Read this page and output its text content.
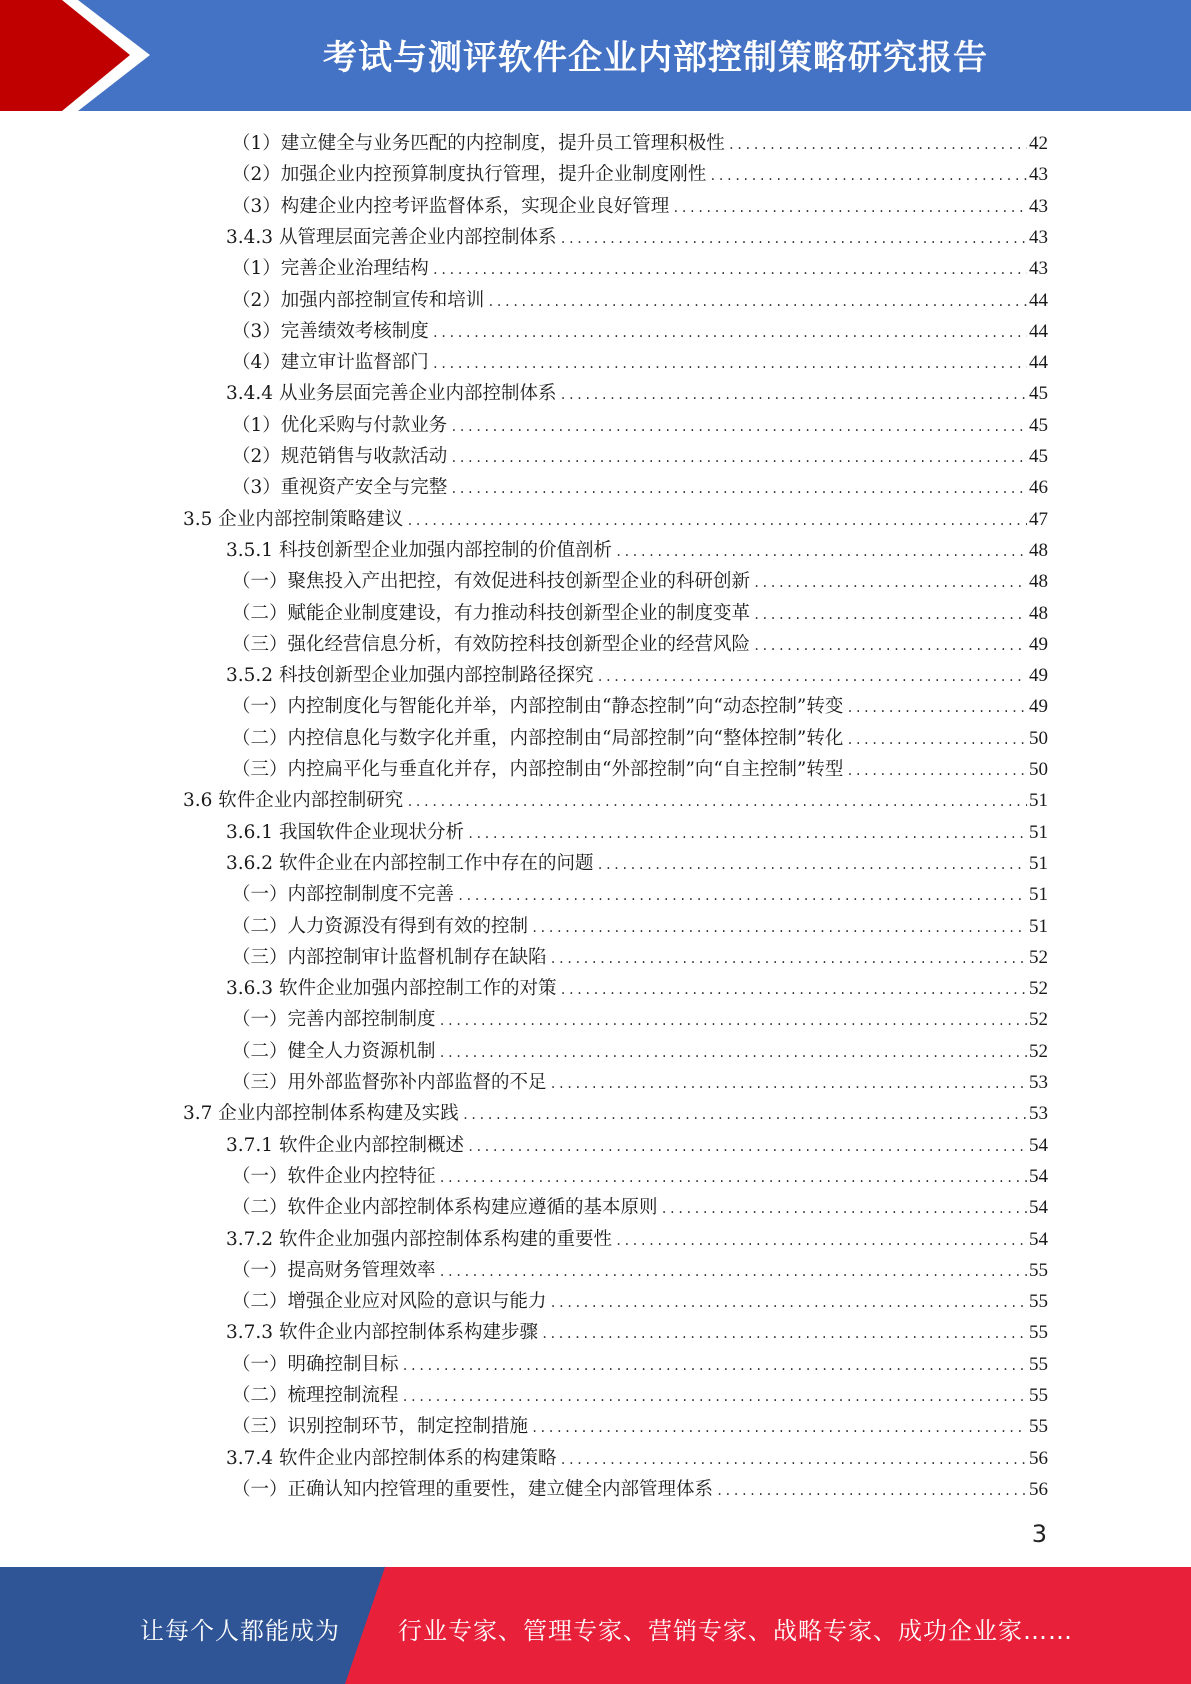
考试与测评软件企业内部控制策略研究报告
（1）建立健全与业务匹配的内控制度，提升员工管理积极性 .....	42
（2）加强企业内控预算制度执行管理，提升企业制度刚性 .....	43
（3）构建企业内控考评监督体系，实现企业良好管理 .....	43
3.4.3 从管理层面完善企业内部控制体系 .....	43
（1）完善企业治理结构 .....	43
（2）加强内部控制宣传和培训 .....	44
（3）完善绩效考核制度 .....	44
（4）建立审计监督部门 .....	44
3.4.4 从业务层面完善企业内部控制体系 .....	45
（1）优化采购与付款业务 .....	45
（2）规范销售与收款活动 .....	45
（3）重视资产安全与完整 .....	46
3.5 企业内部控制策略建议 .....	47
3.5.1 科技创新型企业加强内部控制的价值剖析 .....	48
（一）聚焦投入产出把控，有效促进科技创新型企业的科研创新 .....	48
（二）赋能企业制度建设，有力推动科技创新型企业的制度变革 .....	48
（三）强化经营信息分析，有效防控科技创新型企业的经营风险 .....	49
3.5.2 科技创新型企业加强内部控制路径探究 .....	49
（一）内控制度化与智能化并举，内部控制由“静态控制”向“动态控制”转变 .....	49
（二）内控信息化与数字化并重，内部控制由“局部控制”向“整体控制”转化 .....	50
（三）内控扁平化与垂直化并存，内部控制由“外部控制”向“自主控制”转型 .....	50
3.6 软件企业内部控制研究 .....	51
3.6.1 我国软件企业现状分析 .....	51
3.6.2 软件企业在内部控制工作中存在的问题 .....	51
（一）内部控制制度不完善 .....	51
（二）人力资源没有得到有效的控制 .....	51
（三）内部控制审计监督机制存在缺陷 .....	52
3.6.3 软件企业加强内部控制工作的对策 .....	52
（一）完善内部控制制度 .....	52
（二）健全人力资源机制 .....	52
（三）用外部监督弥补内部监督的不足 .....	53
3.7 企业内部控制体系构建及实践 .....	53
3.7.1 软件企业内部控制概述 .....	54
（一）软件企业内控特征 .....	54
（二）软件企业内部控制体系构建应遵循的基本原则 .....	54
3.7.2 软件企业加强内部控制体系构建的重要性 .....	54
（一）提高财务管理效率 .....	55
（二）增强企业应对风险的意识与能力 .....	55
3.7.3 软件企业内部控制体系构建步骤 .....	55
（一）明确控制目标 .....	55
（二）梳理控制流程 .....	55
（三）识别控制环节，制定控制措施 .....	55
3.7.4 软件企业内部控制体系的构建策略 .....	56
（一）正确认知内控管理的重要性，建立健全内部管理体系 .....	56
3
让每个人都能成为 行业专家、管理专家、营销专家、战略专家、成功企业家……
